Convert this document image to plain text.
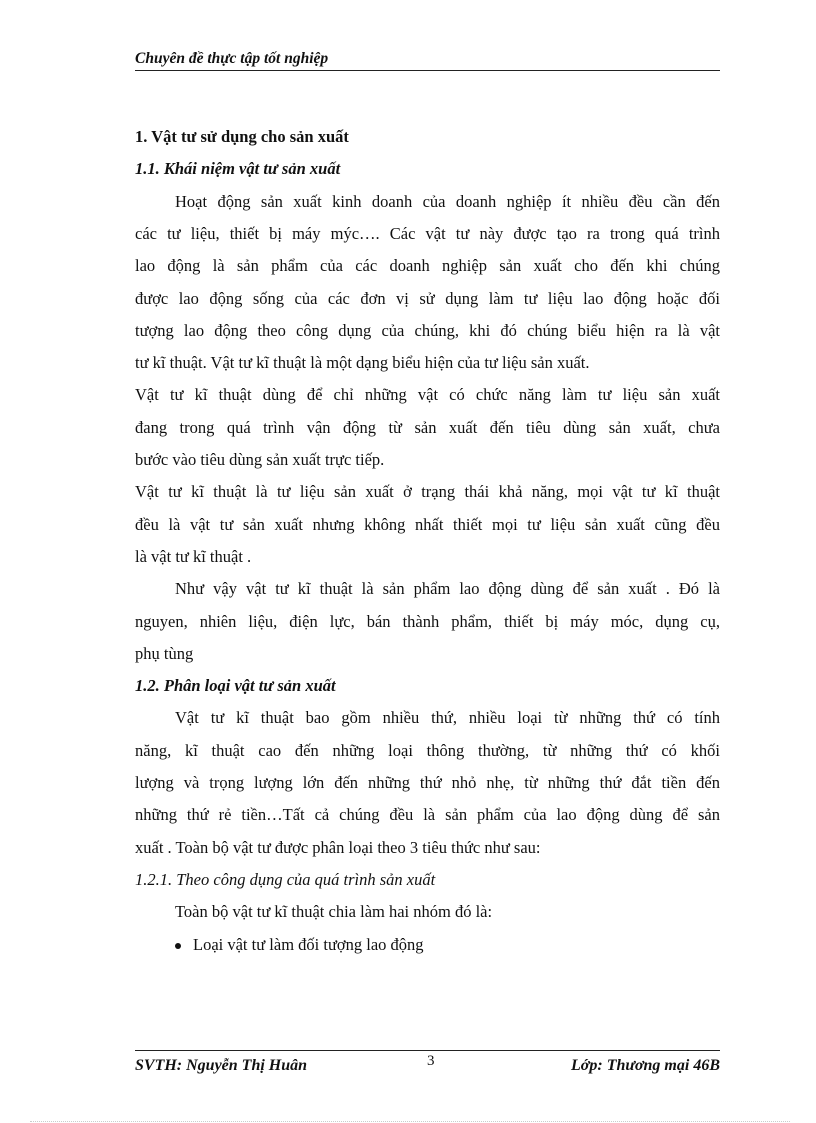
Chuyên đề thực tập tốt nghiệp
1. Vật tư sử dụng cho sản xuất
1.1. Khái niệm vật tư sản xuất
Hoạt động sản xuất kinh doanh của doanh nghiệp ít nhiều đều cần đến
các tư liệu, thiết bị máy mýc…. Các vật tư này được tạo ra trong quá trình
lao động là sản phẩm của các doanh nghiệp sản xuất cho đến khi chúng
được lao động sống của các đơn vị sử dụng làm tư liệu lao động hoặc đối
tượng lao động theo công dụng của chúng, khi đó chúng biểu hiện ra là vật
tư kĩ thuật. Vật tư kĩ thuật là một dạng biểu hiện của tư liệu sản xuất.
Vật tư kĩ thuật dùng để chỉ những vật có chức năng làm tư liệu sản xuất
đang trong quá trình vận động từ sản xuất đến tiêu dùng sản xuất, chưa
bước vào tiêu dùng sản xuất trực tiếp.
Vật tư kĩ thuật là tư liệu sản xuất ở trạng thái khả năng, mọi vật tư kĩ thuật
đều là vật tư sản xuất nhưng không nhất thiết mọi tư liệu sản xuất cũng đều
là vật tư kĩ thuật .
Như vậy vật tư kĩ thuật là sản phẩm lao động dùng để sản xuất . Đó là
nguyen, nhiên liệu, điện lực, bán thành phẩm, thiết bị máy móc, dụng cụ,
phụ tùng
1.2. Phân loại vật tư sản xuất
Vật tư kĩ thuật bao gồm nhiều thứ, nhiều loại từ những thứ có tính
năng, kĩ thuật cao đến những loại thông thường, từ những thứ có khối
lượng và trọng lượng lớn đến những thứ nhỏ nhẹ, từ những thứ đắt tiền đến
những thứ rẻ tiền…Tất cả chúng đều là sản phẩm của lao động dùng để sản
xuất . Toàn bộ vật tư được phân loại theo 3 tiêu thức như sau:
1.2.1. Theo công dụng của quá trình sản xuất
Toàn bộ vật tư kĩ thuật chia làm hai nhóm đó là:
Loại vật tư làm đối tượng lao động
SVTH: Nguyễn Thị Huân	3	Lớp: Thương mại 46B
